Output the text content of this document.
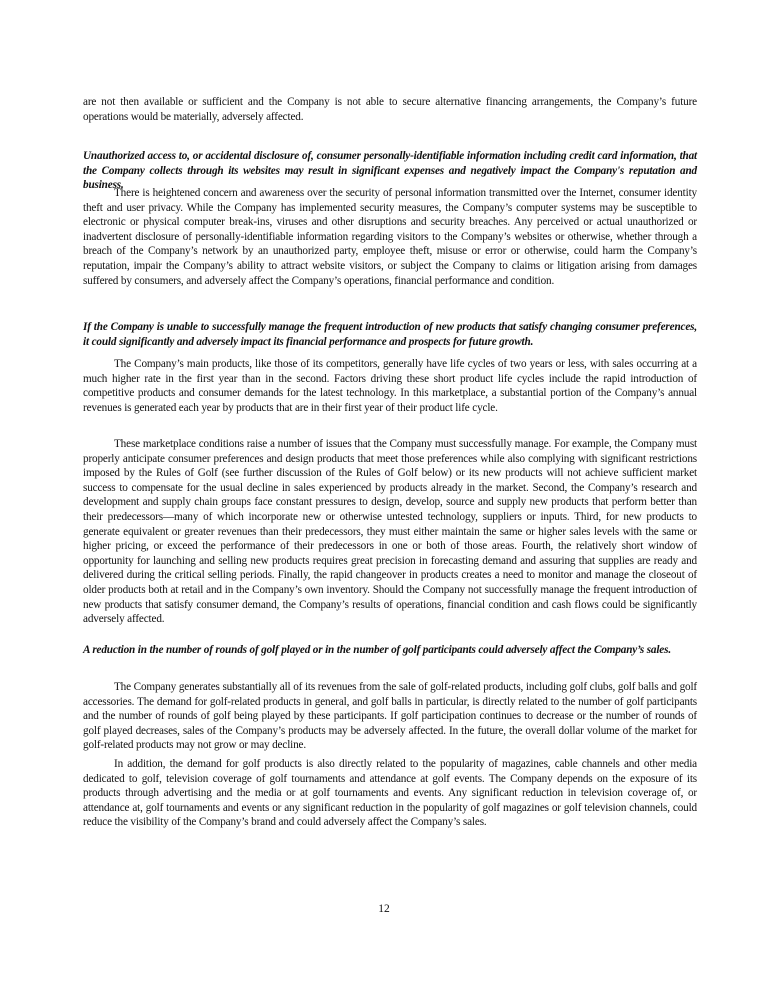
are not then available or sufficient and the Company is not able to secure alternative financing arrangements, the Company’s future operations would be materially, adversely affected.

Unauthorized access to, or accidental disclosure of, consumer personally-identifiable information including credit card information, that the Company collects through its websites may result in significant expenses and negatively impact the Company's reputation and business.

There is heightened concern and awareness over the security of personal information transmitted over the Internet, consumer identity theft and user privacy. While the Company has implemented security measures, the Company’s computer systems may be susceptible to electronic or physical computer break-ins, viruses and other disruptions and security breaches. Any perceived or actual unauthorized or inadvertent disclosure of personally-identifiable information regarding visitors to the Company’s websites or otherwise, whether through a breach of the Company’s network by an unauthorized party, employee theft, misuse or error or otherwise, could harm the Company’s reputation, impair the Company’s ability to attract website visitors, or subject the Company to claims or litigation arising from damages suffered by consumers, and adversely affect the Company’s operations, financial performance and condition.

If the Company is unable to successfully manage the frequent introduction of new products that satisfy changing consumer preferences, it could significantly and adversely impact its financial performance and prospects for future growth.

The Company’s main products, like those of its competitors, generally have life cycles of two years or less, with sales occurring at a much higher rate in the first year than in the second. Factors driving these short product life cycles include the rapid introduction of competitive products and consumer demands for the latest technology. In this marketplace, a substantial portion of the Company’s annual revenues is generated each year by products that are in their first year of their product life cycle.

These marketplace conditions raise a number of issues that the Company must successfully manage. For example, the Company must properly anticipate consumer preferences and design products that meet those preferences while also complying with significant restrictions imposed by the Rules of Golf (see further discussion of the Rules of Golf below) or its new products will not achieve sufficient market success to compensate for the usual decline in sales experienced by products already in the market. Second, the Company’s research and development and supply chain groups face constant pressures to design, develop, source and supply new products that perform better than their predecessors—many of which incorporate new or otherwise untested technology, suppliers or inputs. Third, for new products to generate equivalent or greater revenues than their predecessors, they must either maintain the same or higher sales levels with the same or higher pricing, or exceed the performance of their predecessors in one or both of those areas. Fourth, the relatively short window of opportunity for launching and selling new products requires great precision in forecasting demand and assuring that supplies are ready and delivered during the critical selling periods. Finally, the rapid changeover in products creates a need to monitor and manage the closeout of older products both at retail and in the Company’s own inventory. Should the Company not successfully manage the frequent introduction of new products that satisfy consumer demand, the Company’s results of operations, financial condition and cash flows could be significantly adversely affected.

A reduction in the number of rounds of golf played or in the number of golf participants could adversely affect the Company’s sales.

The Company generates substantially all of its revenues from the sale of golf-related products, including golf clubs, golf balls and golf accessories. The demand for golf-related products in general, and golf balls in particular, is directly related to the number of golf participants and the number of rounds of golf being played by these participants. If golf participation continues to decrease or the number of rounds of golf played decreases, sales of the Company’s products may be adversely affected. In the future, the overall dollar volume of the market for golf-related products may not grow or may decline.

In addition, the demand for golf products is also directly related to the popularity of magazines, cable channels and other media dedicated to golf, television coverage of golf tournaments and attendance at golf events. The Company depends on the exposure of its products through advertising and the media or at golf tournaments and events. Any significant reduction in television coverage of, or attendance at, golf tournaments and events or any significant reduction in the popularity of golf magazines or golf television channels, could reduce the visibility of the Company’s brand and could adversely affect the Company’s sales.

12
